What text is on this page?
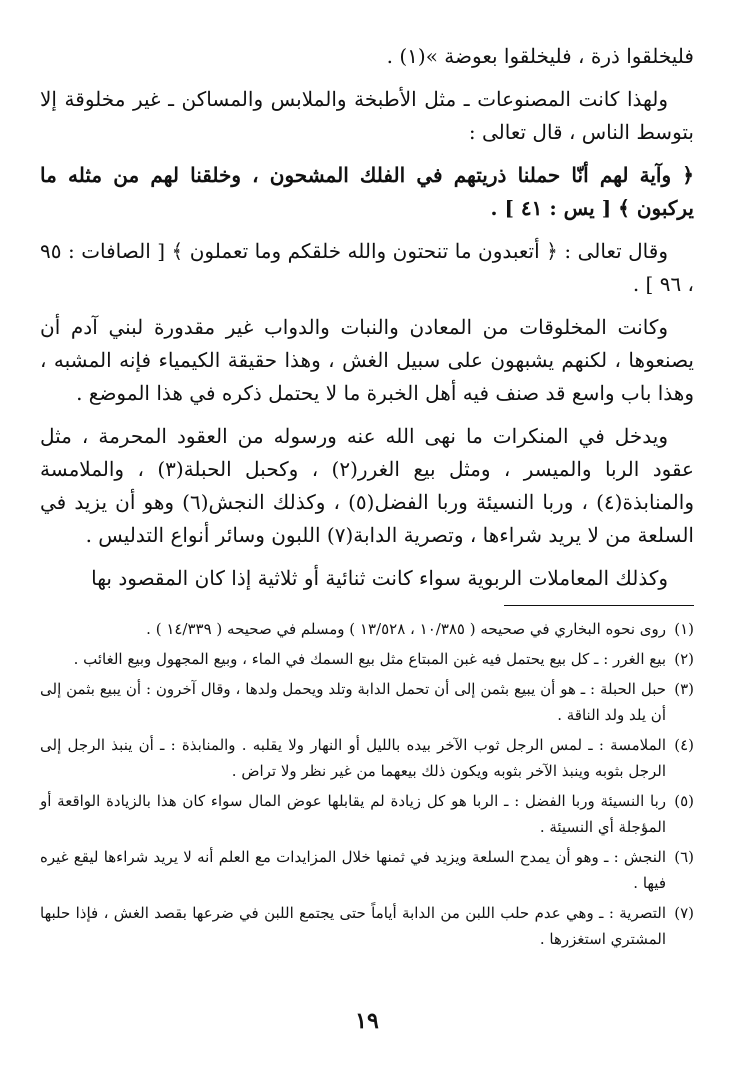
فليخلقوا ذرة ، فليخلقوا بعوضة »(١) .

ولهذا كانت المصنوعات ـ مثل الأطبخة والملابس والمساكن ـ غير مخلوقة إلا بتوسط الناس ، قال تعالى :

﴿ وآية لهم أنّا حملنا ذريتهم في الفلك المشحون ، وخلقنا لهم من مثله ما يركبون ﴾ [ يس : ٤١ ] .

وقال تعالى : ﴿ أتعبدون ما تنحتون والله خلقكم وما تعملون ﴾ [ الصافات : ٩٥ ، ٩٦ ] .

وكانت المخلوقات من المعادن والنبات والدواب غير مقدورة لبني آدم أن يصنعوها ، لكنهم يشبهون على سبيل الغش ، وهذا حقيقة الكيمياء فإنه المشبه ، وهذا باب واسع قد صنف فيه أهل الخبرة ما لا يحتمل ذكره في هذا الموضع .

ويدخل في المنكرات ما نهى الله عنه ورسوله من العقود المحرمة ، مثل عقود الربا والميسر ، ومثل بيع الغرر(٢) ، وكحبل الحبلة(٣) ، والملامسة والمنابذة(٤) ، وربا النسيئة وربا الفضل(٥) ، وكذلك النجش(٦) وهو أن يزيد في السلعة من لا يريد شراءها ، وتصرية الدابة(٧) اللبون وسائر أنواع التدليس .

وكذلك المعاملات الربوية سواء كانت ثنائية أو ثلاثية إذا كان المقصود بها

(١)
روى نحوه البخاري في صحيحه ( ١٠/٣٨٥ ، ١٣/٥٢٨ ) ومسلم في صحيحه ( ١٤/٣٣٩ ) .
(٢)
بيع الغرر : ـ كل بيع يحتمل فيه غبن المبتاع مثل بيع السمك في الماء ، وبيع المجهول وبيع الغائب .
(٣)
حبل الحبلة : ـ هو أن يبيع بثمن إلى أن تحمل الدابة وتلد ويحمل ولدها ، وقال آخرون : أن يبيع بثمن إلى أن يلد ولد الناقة .
(٤)
الملامسة : ـ لمس الرجل ثوب الآخر بيده بالليل أو النهار ولا يقلبه . والمنابذة : ـ أن ينبذ الرجل إلى الرجل بثوبه وينبذ الآخر بثوبه ويكون ذلك بيعهما من غير نظر ولا تراض .
(٥)
ربا النسيئة وربا الفضل : ـ الربا هو كل زيادة لم يقابلها عوض المال سواء كان هذا بالزيادة الواقعة أو المؤجلة أي النسيئة .
(٦)
النجش : ـ وهو أن يمدح السلعة ويزيد في ثمنها خلال المزايدات مع العلم أنه لا يريد شراءها ليقع غيره فيها .
(٧)
التصرية : ـ وهي عدم حلب اللبن من الدابة أياماً حتى يجتمع اللبن في ضرعها بقصد الغش ، فإذا حلبها المشتري استغزرها .
١٩
